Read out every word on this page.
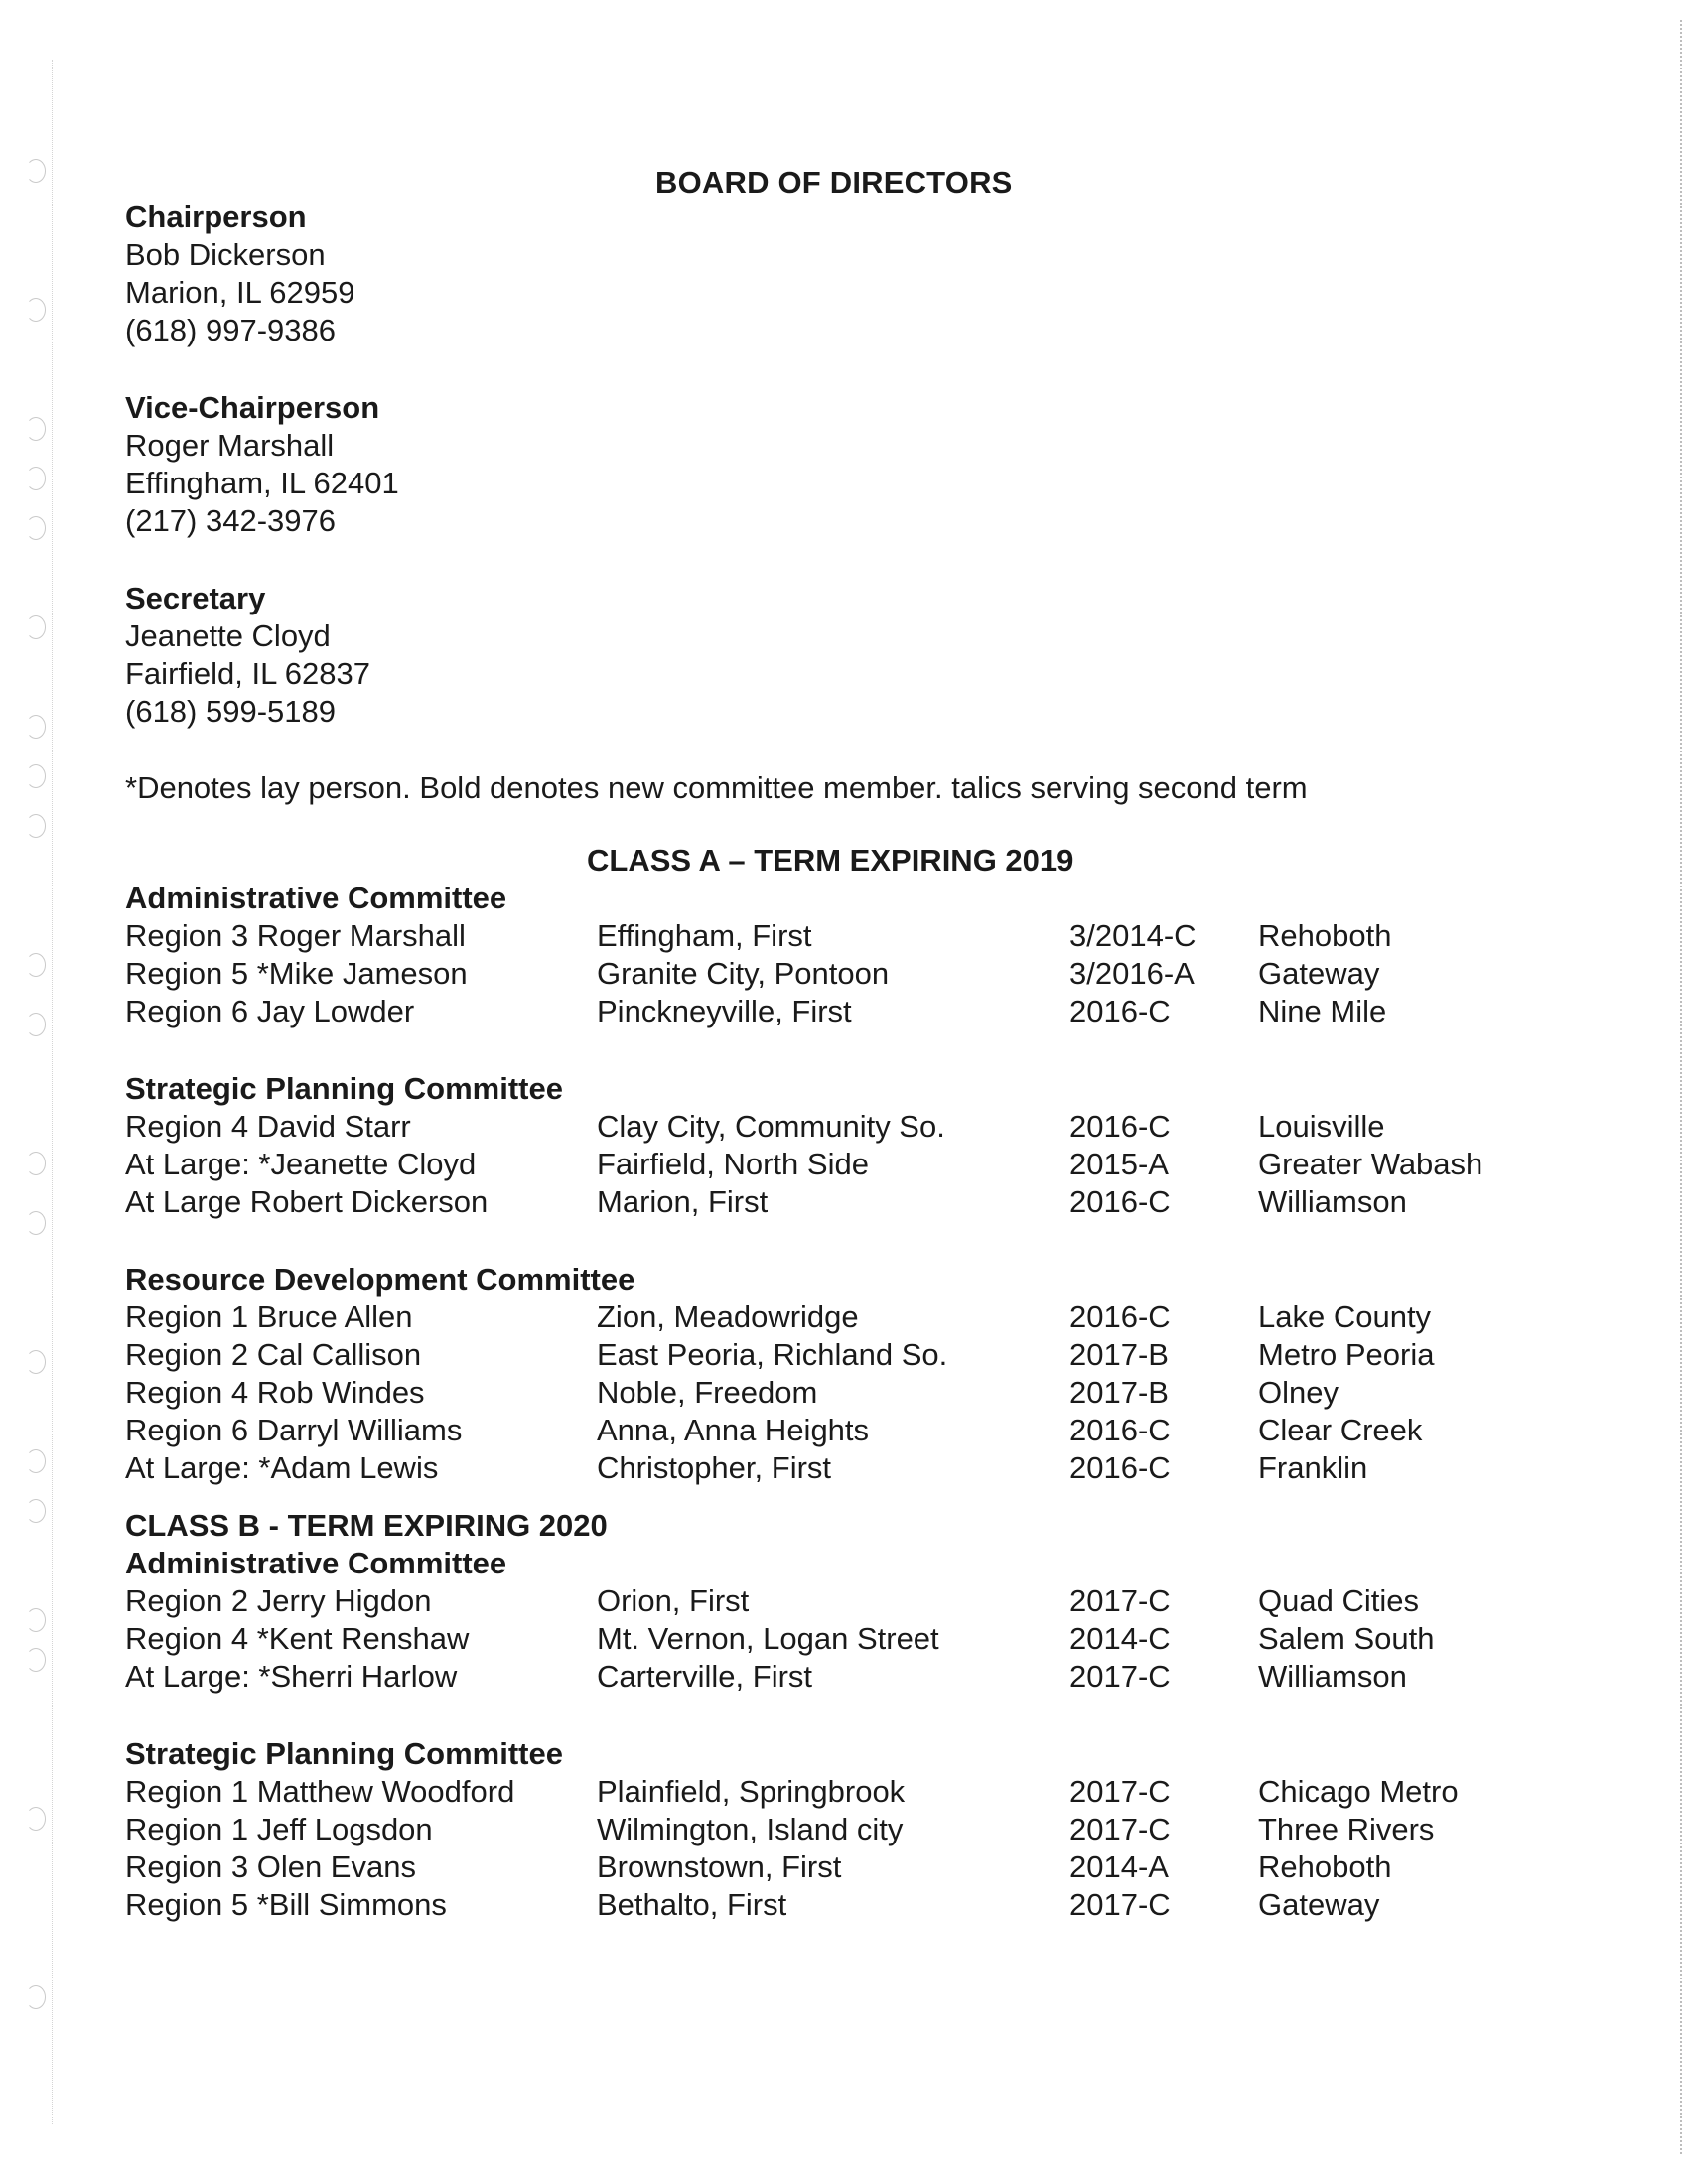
BOARD OF DIRECTORS
Chairperson
Bob Dickerson
Marion, IL 62959
(618) 997-9386
Vice-Chairperson
Roger Marshall
Effingham, IL 62401
(217) 342-3976
Secretary
Jeanette Cloyd
Fairfield, IL 62837
(618) 599-5189
*Denotes lay person. Bold denotes new committee member. talics serving second term
CLASS A – TERM EXPIRING 2019
Administrative Committee
Region 3 Roger Marshall	Effingham, First	3/2014-C	Rehoboth
Region 5 *Mike Jameson	Granite City, Pontoon	3/2016-A	Gateway
Region 6 Jay Lowder	Pinckneyville, First	2016-C	Nine Mile
Strategic Planning Committee
Region 4 David Starr	Clay City, Community So.	2016-C	Louisville
At Large: *Jeanette Cloyd	Fairfield, North Side	2015-A	Greater Wabash
At Large Robert Dickerson	Marion, First	2016-C	Williamson
Resource Development Committee
Region 1 Bruce Allen	Zion, Meadowridge	2016-C	Lake County
Region 2 Cal Callison	East Peoria, Richland So.	2017-B	Metro Peoria
Region 4 Rob Windes	Noble, Freedom	2017-B	Olney
Region 6 Darryl Williams	Anna, Anna Heights	2016-C	Clear Creek
At Large: *Adam Lewis	Christopher, First	2016-C	Franklin
CLASS B - TERM EXPIRING 2020
Administrative Committee
Region 2 Jerry Higdon	Orion, First	2017-C	Quad Cities
Region 4 *Kent Renshaw	Mt. Vernon, Logan Street	2014-C	Salem South
At Large: *Sherri Harlow	Carterville, First	2017-C	Williamson
Strategic Planning Committee
Region 1 Matthew Woodford	Plainfield, Springbrook	2017-C	Chicago Metro
Region 1 Jeff Logsdon	Wilmington, Island city	2017-C	Three Rivers
Region 3 Olen Evans	Brownstown, First	2014-A	Rehoboth
Region 5 *Bill Simmons	Bethalto, First	2017-C	Gateway
